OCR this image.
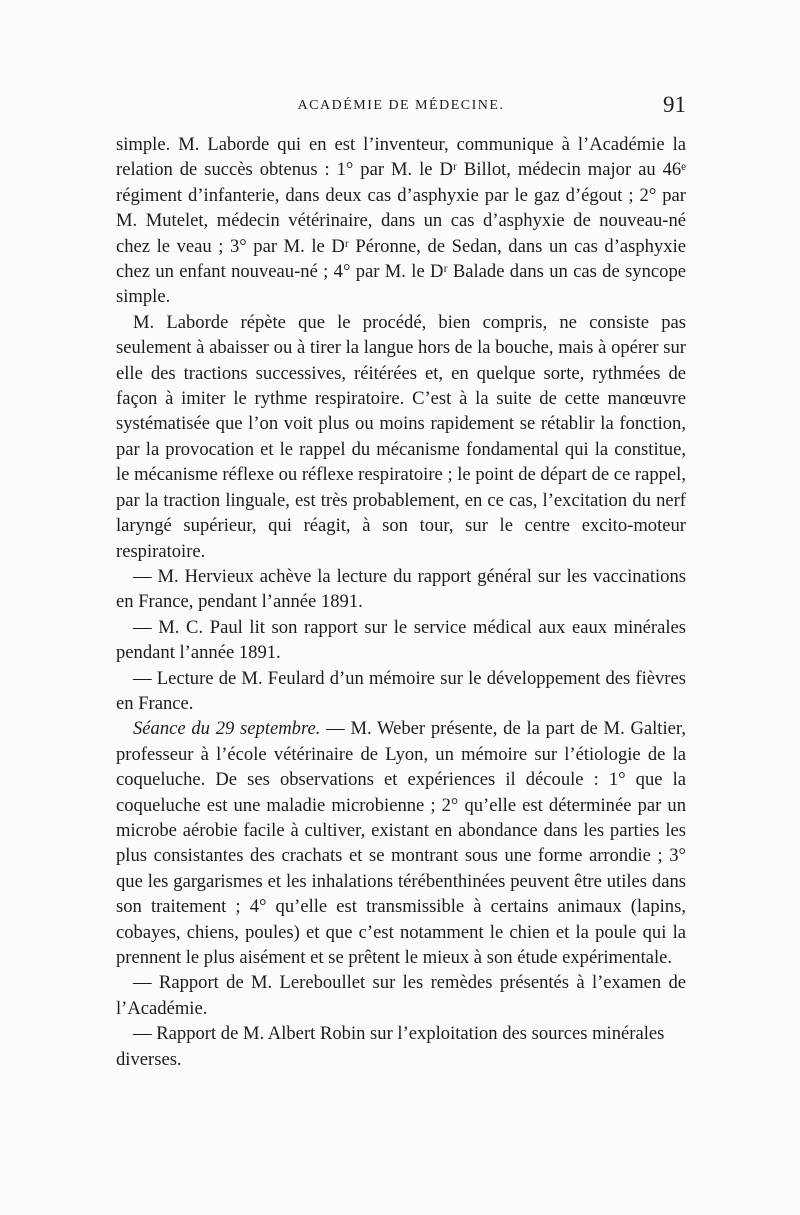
ACADÉMIE DE MÉDECINE.	91

simple. M. Laborde qui en est l’inventeur, communique à l’Académie la relation de succès obtenus : 1° par M. le Dʳ Billot, médecin major au 46ᵉ régiment d’infanterie, dans deux cas d’asphyxie par le gaz d’égout ; 2° par M. Mutelet, médecin vétérinaire, dans un cas d’asphyxie de nouveau-né chez le veau ; 3° par M. le Dʳ Péronne, de Sedan, dans un cas d’asphyxie chez un enfant nouveau-né ; 4° par M. le Dʳ Balade dans un cas de syncope simple.

M. Laborde répète que le procédé, bien compris, ne consiste pas seulement à abaisser ou à tirer la langue hors de la bouche, mais à opérer sur elle des tractions successives, réitérées et, en quelque sorte, rythmées de façon à imiter le rythme respiratoire. C’est à la suite de cette manœuvre systématisée que l’on voit plus ou moins rapidement se rétablir la fonction, par la provocation et le rappel du mécanisme fondamental qui la constitue, le mécanisme réflexe ou réflexe respiratoire ; le point de départ de ce rappel, par la traction linguale, est très probablement, en ce cas, l’excitation du nerf laryngé supérieur, qui réagit, à son tour, sur le centre excito-moteur respiratoire.

— M. Hervieux achève la lecture du rapport général sur les vaccinations en France, pendant l’année 1891.

— M. C. Paul lit son rapport sur le service médical aux eaux minérales pendant l’année 1891.

— Lecture de M. Feulard d’un mémoire sur le développement des fièvres en France.

Séance du 29 septembre. — M. Weber présente, de la part de M. Galtier, professeur à l’école vétérinaire de Lyon, un mémoire sur l’étiologie de la coqueluche. De ses observations et expériences il découle : 1° que la coqueluche est une maladie microbienne ; 2° qu’elle est déterminée par un microbe aérobie facile à cultiver, existant en abondance dans les parties les plus consistantes des crachats et se montrant sous une forme arrondie ; 3° que les gargarismes et les inhalations térébenthinées peuvent être utiles dans son traitement ; 4° qu’elle est transmissible à certains animaux (lapins, cobayes, chiens, poules) et que c’est notamment le chien et la poule qui la prennent le plus aisément et se prêtent le mieux à son étude expérimentale.

— Rapport de M. Lereboullet sur les remèdes présentés à l’examen de l’Académie.

— Rapport de M. Albert Robin sur l’exploitation des sources minérales diverses.
